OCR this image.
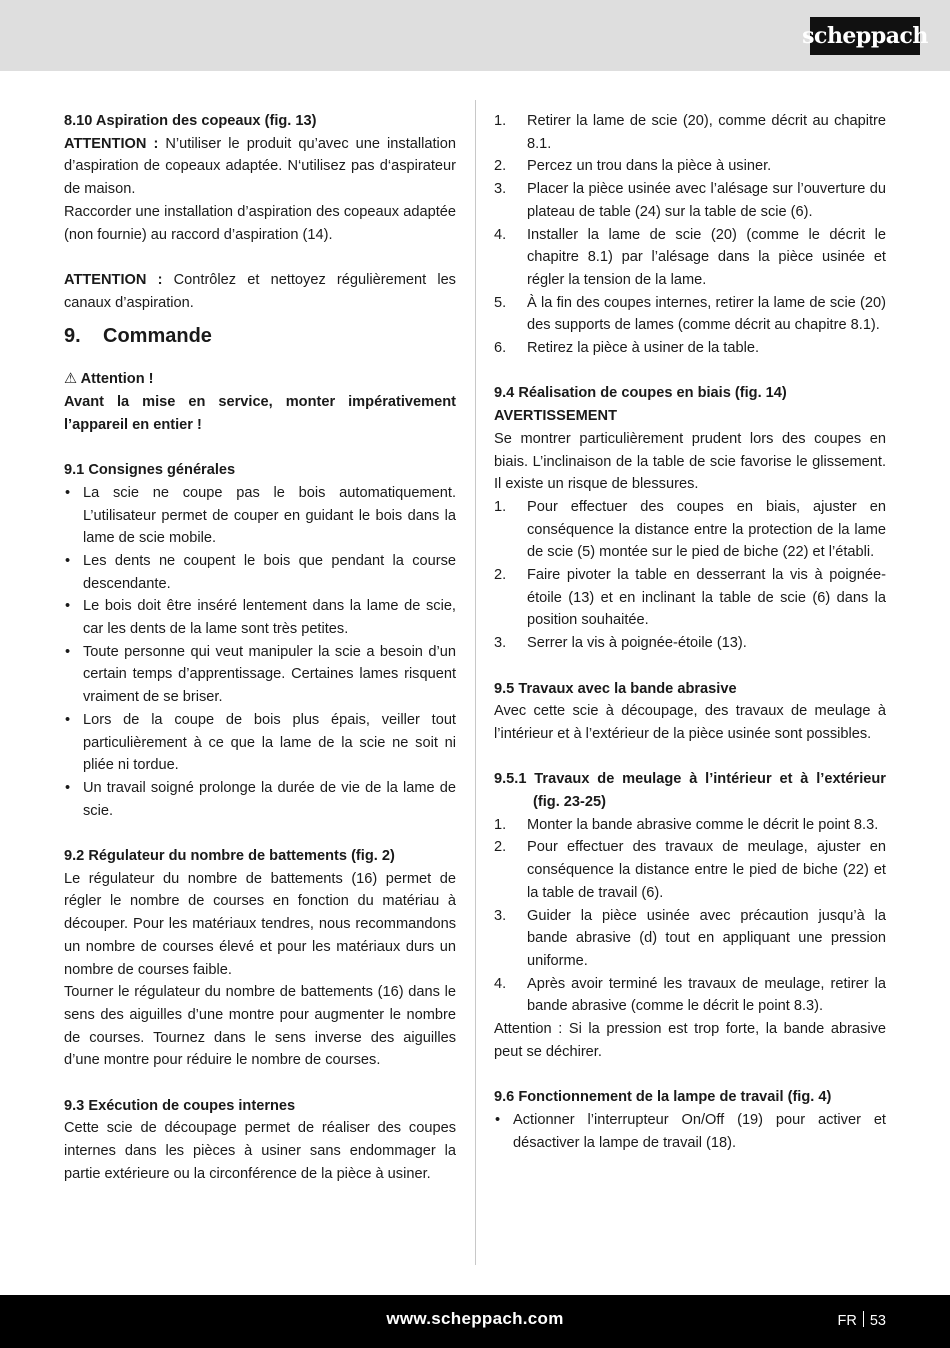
scheppach

8.10 Aspiration des copeaux (fig. 13)

ATTENTION : N’utiliser le produit qu’avec une installation d’aspiration de copeaux adaptée. N‘utilisez pas d‘aspirateur de maison.

Raccorder une installation d’aspiration des copeaux adaptée (non fournie) au raccord d’aspiration (14).

ATTENTION : Contrôlez et nettoyez régulièrement les canaux d’aspiration.

9. Commande

⚠ Attention !

Avant la mise en service, monter impérativement l’appareil en entier !

9.1 Consignes générales

• La scie ne coupe pas le bois automatiquement. L’utilisateur permet de couper en guidant le bois dans la lame de scie mobile.
• Les dents ne coupent le bois que pendant la course descendante.
• Le bois doit être inséré lentement dans la lame de scie, car les dents de la lame sont très petites.
• Toute personne qui veut manipuler la scie a besoin d’un certain temps d’apprentissage. Certaines lames risquent vraiment de se briser.
• Lors de la coupe de bois plus épais, veiller tout particulièrement à ce que la lame de la scie ne soit ni pliée ni tordue.
• Un travail soigné prolonge la durée de vie de la lame de scie.

9.2 Régulateur du nombre de battements (fig. 2)

Le régulateur du nombre de battements (16) permet de régler le nombre de courses en fonction du matériau à découper. Pour les matériaux tendres, nous recommandons un nombre de courses élevé et pour les matériaux durs un nombre de courses faible.

Tourner le régulateur du nombre de battements (16) dans le sens des aiguilles d’une montre pour augmenter le nombre de courses. Tournez dans le sens inverse des aiguilles d’une montre pour réduire le nombre de courses.

9.3 Exécution de coupes internes

Cette scie de découpage permet de réaliser des coupes internes dans les pièces à usiner sans endommager la partie extérieure ou la circonférence de la pièce à usiner.

1. Retirer la lame de scie (20), comme décrit au chapitre 8.1.
2. Percez un trou dans la pièce à usiner.
3. Placer la pièce usinée avec l’alésage sur l’ouverture du plateau de table (24) sur la table de scie (6).
4. Installer la lame de scie (20) (comme le décrit le chapitre 8.1) par l’alésage dans la pièce usinée et régler la tension de la lame.
5. À la fin des coupes internes, retirer la lame de scie (20) des supports de lames (comme décrit au chapitre 8.1).
6. Retirez la pièce à usiner de la table.

9.4 Réalisation de coupes en biais (fig. 14)

AVERTISSEMENT

Se montrer particulièrement prudent lors des coupes en biais. L’inclinaison de la table de scie favorise le glissement. Il existe un risque de blessures.

1. Pour effectuer des coupes en biais, ajuster en conséquence la distance entre la protection de la lame de scie (5) montée sur le pied de biche (22) et l’établi.
2. Faire pivoter la table en desserrant la vis à poignée-étoile (13) et en inclinant la table de scie (6) dans la position souhaitée.
3. Serrer la vis à poignée-étoile (13).

9.5 Travaux avec la bande abrasive

Avec cette scie à découpage, des travaux de meulage à l’intérieur et à l’extérieur de la pièce usinée sont possibles.

9.5.1 Travaux de meulage à l’intérieur et à l’extérieur (fig. 23-25)

1. Monter la bande abrasive comme le décrit le point 8.3.
2. Pour effectuer des travaux de meulage, ajuster en conséquence la distance entre le pied de biche (22) et la table de travail (6).
3. Guider la pièce usinée avec précaution jusqu’à la bande abrasive (d) tout en appliquant une pression uniforme.
4. Après avoir terminé les travaux de meulage, retirer la bande abrasive (comme le décrit le point 8.3).

Attention : Si la pression est trop forte, la bande abrasive peut se déchirer.

9.6 Fonctionnement de la lampe de travail (fig. 4)

• Actionner l’interrupteur On/Off (19) pour activer et désactiver la lampe de travail (18).
www.scheppach.com	FR 53
